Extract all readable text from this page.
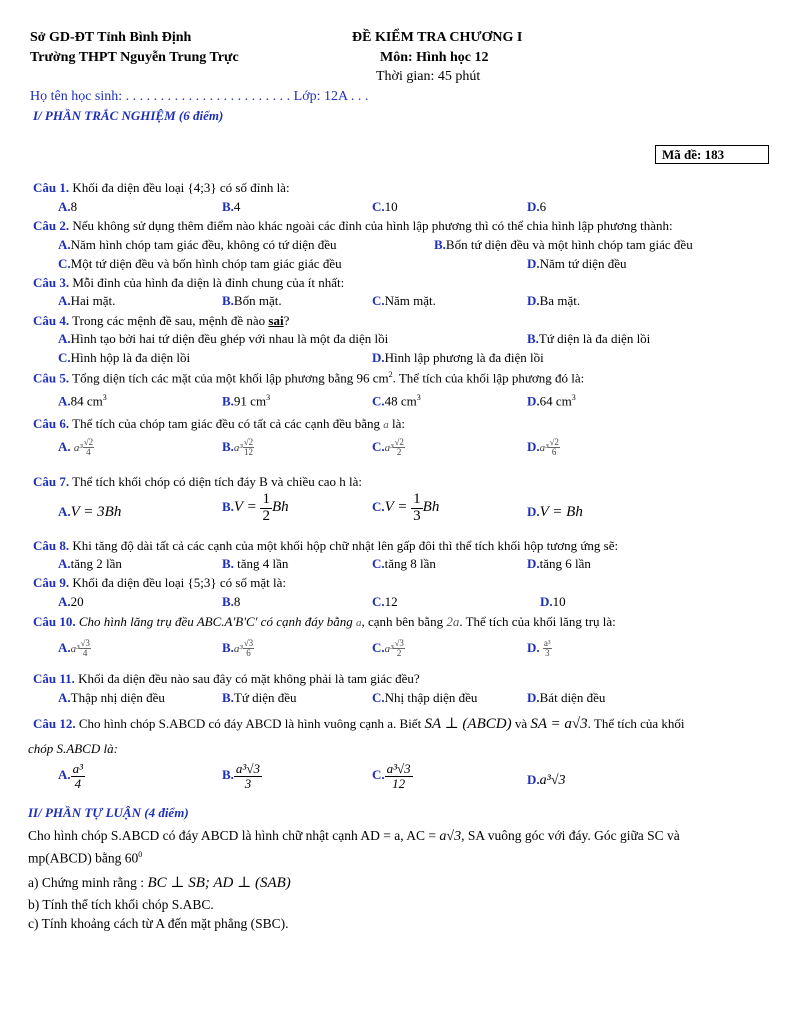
Sở GD-ĐT Tỉnh Bình Định
Trường THPT Nguyễn Trung Trực
ĐỀ KIỂM TRA CHƯƠNG I
Môn: Hình học 12
Thời gian: 45 phút
Họ tên học sinh: . . . . . . . . . . . . . . . . . . . . . . . . Lớp: 12A . . .
I/ PHẦN TRẮC NGHIỆM (6 điểm)
Mã đề: 183
Câu 1. Khối đa diện đều loại {4;3} có số đỉnh là:
A.8	B.4	C.10	D.6
Câu 2. Nếu không sử dụng thêm điểm nào khác ngoài các đỉnh của hình lập phương thì có thể chia hình lập phương thành:
A.Năm hình chóp tam giác đều, không có tứ diện đều	B.Bốn tứ diện đều và một hình chóp tam giác đều
C.Một tứ diện đều và bốn hình chóp tam giác giác đều	D.Năm tứ diện đều
Câu 3. Mỗi đỉnh của hình đa diện là đỉnh chung của ít nhất:
A.Hai mặt.	B.Bốn mặt.	C.Năm mặt.	D.Ba mặt.
Câu 4. Trong các mệnh đề sau, mệnh đề nào sai?
A.Hình tạo bởi hai tứ diện đều ghép với nhau là một đa diện lồi	B.Tứ diện là đa diện lồi
C.Hình hộp là đa diện lồi	D.Hình lập phương là đa điện lồi
Câu 5. Tổng diện tích các mặt của một khối lập phương bằng 96 $cm^2$. Thể tích của khối lập phương đó là:
A.84 $cm^3$	B.91 $cm^3$	C.48 $cm^3$	D.64 $cm^3$
Câu 6. Thể tích của chóp tam giác đều có tất cả các cạnh đều bằng a là:
A. $a^3 \frac{√2}{4}$	$B.a^3 \frac{√2}{12}$	$C.a^3 \frac{√2}{2}$	$D.a^3 \frac{√2}{6}$
Câu 7. Thể tích khối chóp có diện tích đáy B và chiều cao h là:
A.V = 3Bh	$B.V = \frac{1}{2}$ Bh	$C.V = \frac{1}{3}$ Bh	D.V = Bh
Câu 8. Khi tăng độ dài tất cả các cạnh của một khối hộp chữ nhật lên gấp đôi thì thể tích khối hộp tương ứng sẽ:
A.tăng 2 lần	B. tăng 4 lần	C.tăng 8 lần	D.tăng 6 lần
Câu 9. Khối đa diện đều loại {5;3} có số mặt là:
A.20	B.8	C.12	D.10
Câu 10. Cho hình lăng trụ đều ABC.A'B'C' có cạnh đáy bằng a, cạnh bên bằng 2a. Thể tích của khối lăng trụ là:
$A.a^3 \frac{√3}{4}$	$B.a^3 \frac{√3}{6}$	$C.a^3 \frac{√3}{2}$	D. $\frac{\text{a³}}{3}$
Câu 11. Khối đa diện đều nào sau đây có mặt không phải là tam giác đều?
A.Thập nhị diện đều	B.Tứ diện đều	C.Nhị thập diện đều	D.Bát diện đều
Câu 12. Cho hình chóp S.ABCD có đáy ABCD là hình vuông cạnh a. Biết SA ⊥ (ABCD) và SA = a√3. Thể tích của khối
chóp S.ABCD là:
A. $\frac{\text{a³}}{4}$	B. $\frac{\text{a³√3}}{3}$	C. $\frac{\text{a³√3}}{12}$	D.a³√3
II/ PHẦN TỰ LUẬN (4 điểm)
Cho hình chóp S.ABCD có đáy ABCD là hình chữ nhật cạnh AD = a, AC = a√3, SA vuông góc với đáy. Góc giữa SC và
mp(ABCD) bằng $60^0$
a) Chứng minh rằng : BC ⊥ SB; AD ⊥ (SAB)
b) Tính thể tích khối chóp S.ABC.
c) Tính khoảng cách từ A đến mặt phẳng (SBC).
